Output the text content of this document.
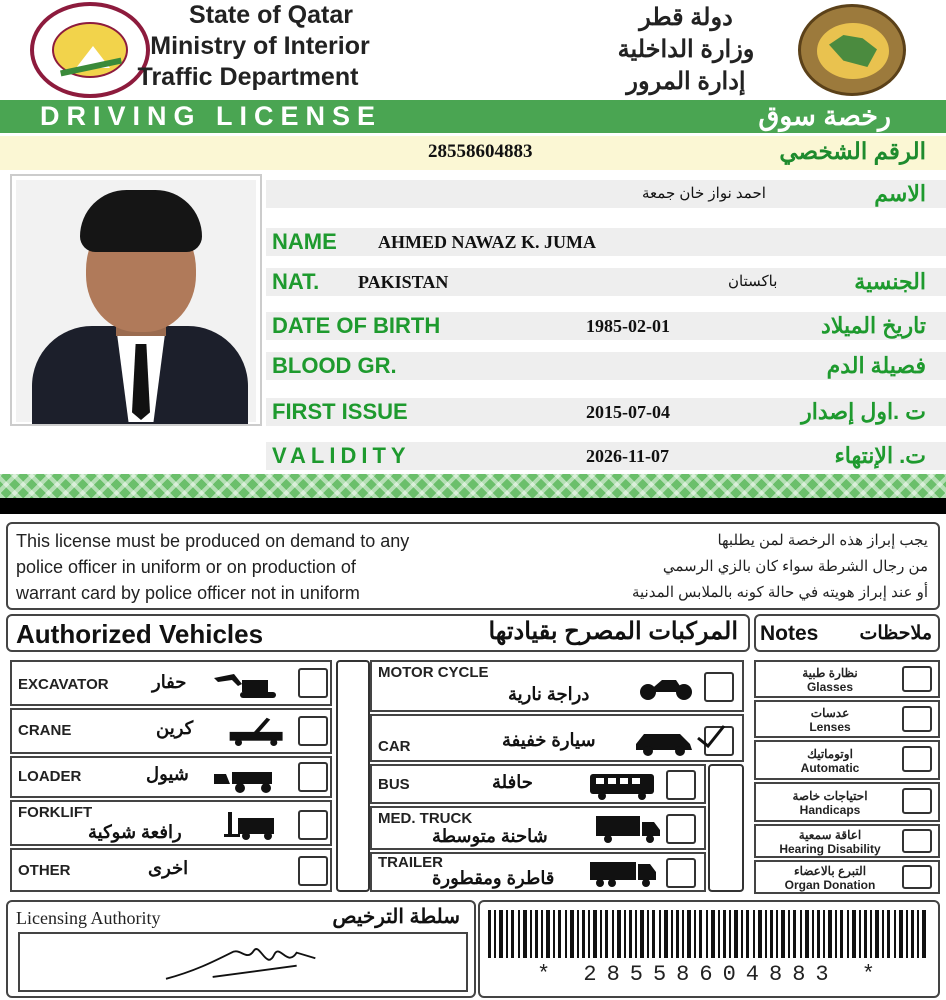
State of Qatar
Ministry of Interior
Traffic Department
دولة قطر
وزارة الداخلية
إدارة المرور
DRIVING LICENSE	رخصة سوق
28558604883	الرقم الشخصي
احمد نواز خان جمعة	الاسم
NAME AHMED NAWAZ K. JUMA
NAT. PAKISTAN	باكستان	الجنسية
DATE OF BIRTH	1985-02-01	تاريخ الميلاد
BLOOD GR.	فصيلة الدم
FIRST ISSUE	2015-07-04	ت .اول إصدار
VALIDITY	2026-11-07	ت. الإنتهاء
This license must be produced on demand to any
police officer in uniform or on production of
warrant card by police officer not in uniform
يجب إبراز هذه الرخصة لمن يطلبها
من رجال الشرطة سواء كان بالزي الرسمي
أو عند إبراز هويته في حالة كونه بالملابس المدنية
Authorized Vehicles	المركبات المصرح بقيادتها Notes ملاحظات
EXCAVATOR حفار
CRANE	كرين
LOADER	شيول
FORKLIFT
رافعة شوكية
OTHER	اخرى
MOTOR CYCLE
دراجة نارية
CAR	سيارة خفيفة
BUS	حافلة
MED. TRUCK
شاحنة متوسطة
TRAILER
قاطرة ومقطورة
نظارة طبية
Glasses
عدسات
Lenses
اوتوماتيك
Automatic
احتياجات خاصة
Handicaps
اعاقة سمعية
Hearing Disability
التبرع بالاعضاء
Organ Donation
Licensing Authority	سلطة الترخيص
* 28558604883 *
